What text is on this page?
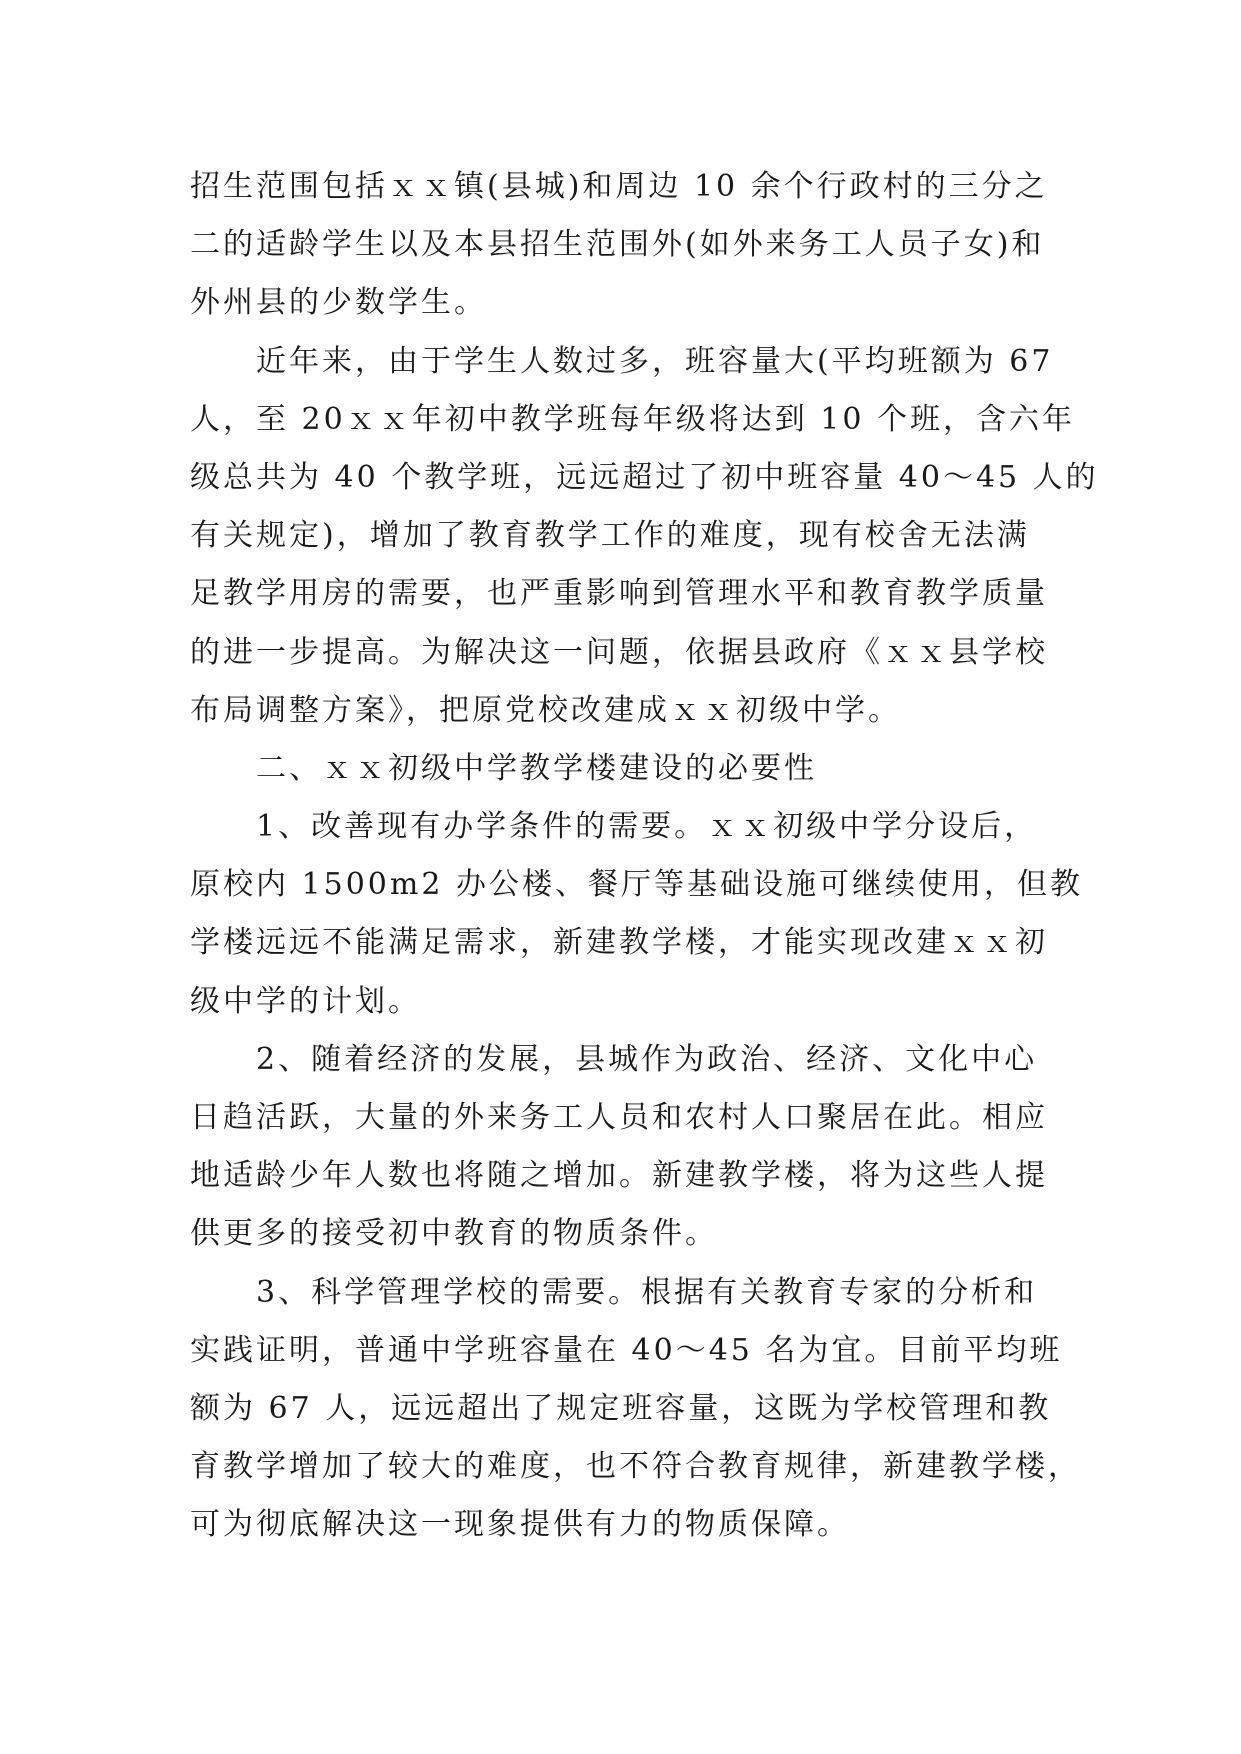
招生范围包括ｘｘ镇(县城)和周边 10 余个行政村的三分之
二的适龄学生以及本县招生范围外(如外来务工人员子女)和
外州县的少数学生。
　　近年来，由于学生人数过多，班容量大(平均班额为 67
人，至 20ｘｘ年初中教学班每年级将达到 10 个班，含六年
级总共为 40 个教学班，远远超过了初中班容量 40～45 人的
有关规定)，增加了教育教学工作的难度，现有校舍无法满
足教学用房的需要，也严重影响到管理水平和教育教学质量
的进一步提高。为解决这一问题，依据县政府《ｘｘ县学校
布局调整方案》，把原党校改建成ｘｘ初级中学。
　　二、ｘｘ初级中学教学楼建设的必要性
　　1、改善现有办学条件的需要。ｘｘ初级中学分设后，
原校内 1500m2 办公楼、餐厅等基础设施可继续使用，但教
学楼远远不能满足需求，新建教学楼，才能实现改建ｘｘ初
级中学的计划。
　　2、随着经济的发展，县城作为政治、经济、文化中心
日趋活跃，大量的外来务工人员和农村人口聚居在此。相应
地适龄少年人数也将随之增加。新建教学楼，将为这些人提
供更多的接受初中教育的物质条件。
　　3、科学管理学校的需要。根据有关教育专家的分析和
实践证明，普通中学班容量在 40～45 名为宜。目前平均班
额为 67 人，远远超出了规定班容量，这既为学校管理和教
育教学增加了较大的难度，也不符合教育规律，新建教学楼，
可为彻底解决这一现象提供有力的物质保障。
